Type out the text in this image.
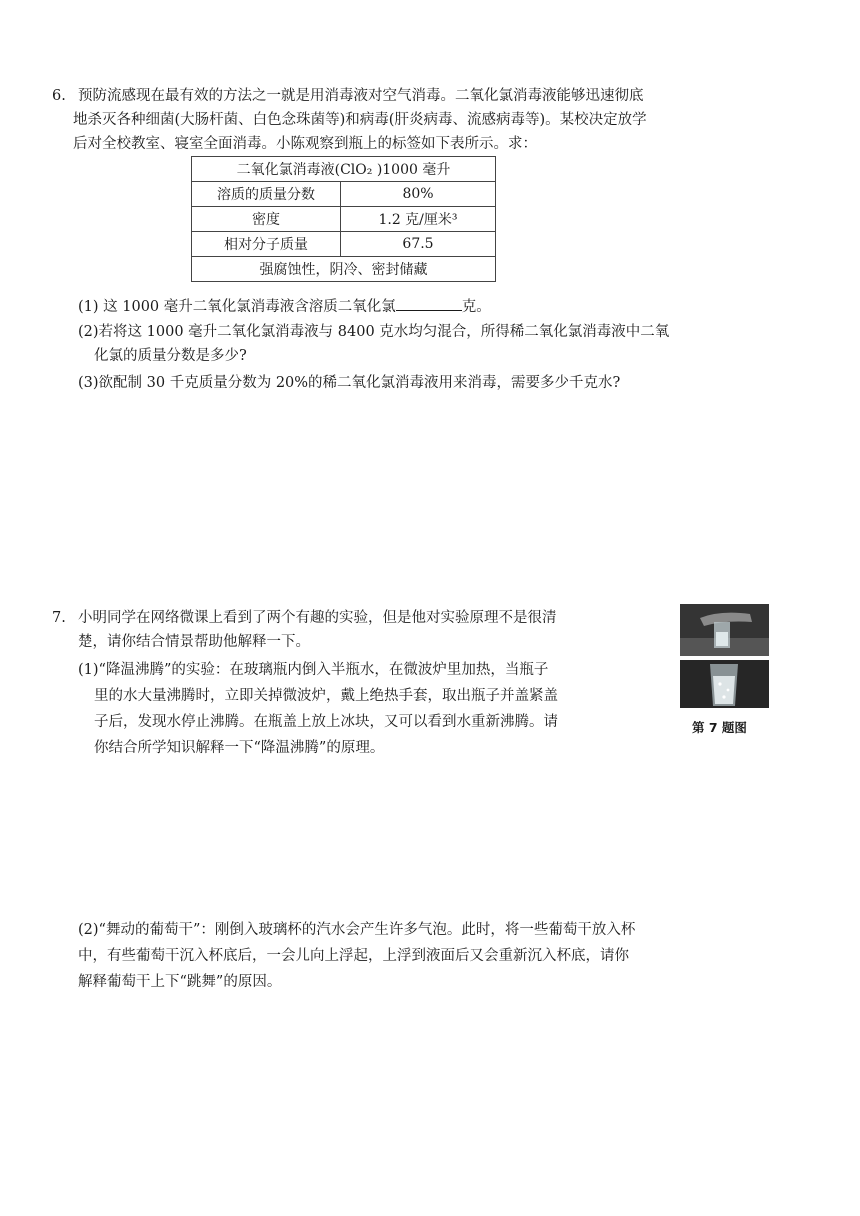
6. 预防流感现在最有效的方法之一就是用消毒液对空气消毒。二氧化氯消毒液能够迅速彻底
地杀灭各种细菌(大肠杆菌、白色念珠菌等)和病毒(肝炎病毒、流感病毒等)。某校决定放学
后对全校教室、寝室全面消毒。小陈观察到瓶上的标签如下表所示。求：
二氧化氯消毒液(ClO₂ )1000 毫升	
溶质的质量分数	80%
密度	1.2 克/厘米³
相对分子质量	67.5
强腐蚀性，阴冷、密封储藏	
(1) 这 1000 毫升二氧化氯消毒液含溶质二氧化氯	克。
(2)若将这 1000 毫升二氧化氯消毒液与 8400 克水均匀混合，所得稀二氧化氯消毒液中二氧
化氯的质量分数是多少?
(3)欲配制 30 千克质量分数为 20%的稀二氧化氯消毒液用来消毒，需要多少千克水?
7. 小明同学在网络微课上看到了两个有趣的实验，但是他对实验原理不是很清
楚，请你结合情景帮助他解释一下。
(1)“降温沸腾”的实验：在玻璃瓶内倒入半瓶水，在微波炉里加热，当瓶子
里的水大量沸腾时，立即关掉微波炉，戴上绝热手套，取出瓶子并盖紧盖
子后，发现水停止沸腾。在瓶盖上放上冰块，又可以看到水重新沸腾。请
你结合所学知识解释一下“降温沸腾”的原理。
第 7 题图
(2)“舞动的葡萄干”：刚倒入玻璃杯的汽水会产生许多气泡。此时，将一些葡萄干放入杯
中，有些葡萄干沉入杯底后，一会儿向上浮起，上浮到液面后又会重新沉入杯底，请你
解释葡萄干上下“跳舞”的原因。
